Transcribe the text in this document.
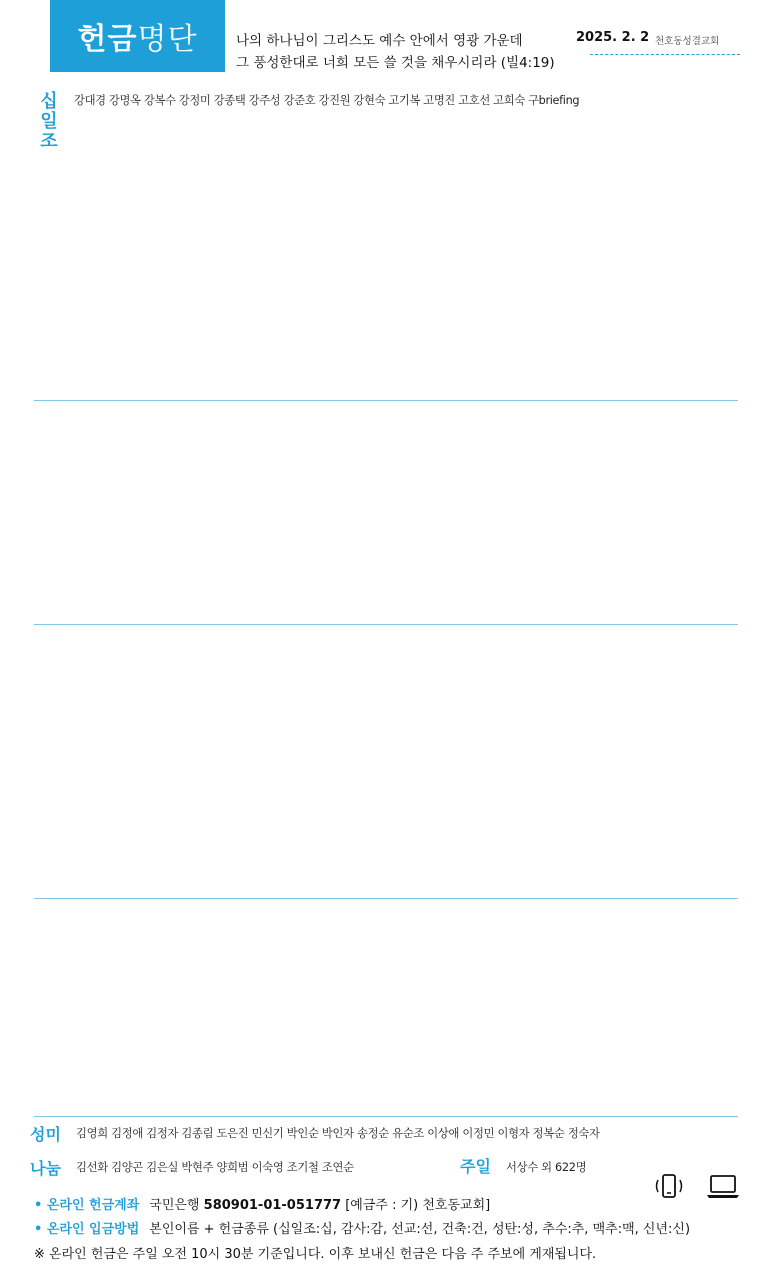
헌금 명단	나의 하나님이 그리스도 예수 안에서 영광 가운데
그 풍성한대로 너희 모든 쓸 것을 채우시리라 (빌4:19)
2025. 2. 2 천호동성결교회
십
일
조
강대경 강명옥 강복수 강정미 강종택 강주성 강준호 강진원 강현숙 고기복 고명진 고호선 고희숙 구briefing
성미 김영희 김정애 김정자 김종림 도은진 민신기 박인순 박인자 송정순 유순조 이상애 이정민 이형자 정복순 정숙자
나눔 김선화 김양곤 김은실 박현주 양희범 이숙영 조기철 조연순	주일 서상수 외 622명
• 온라인 헌금계좌 국민은행 580901-01-051777 [예금주 : 기) 천호동교회]
• 온라인 입금방법 본인이름 + 헌금종류 (십일조:십, 감사:감, 선교:선, 건축:건, 성탄:성, 추수:추, 맥추:맥, 신년:신)
※ 온라인 헌금은 주일 오전 10시 30분 기준입니다. 이후 보내신 헌금은 다음 주 주보에 게재됩니다.
